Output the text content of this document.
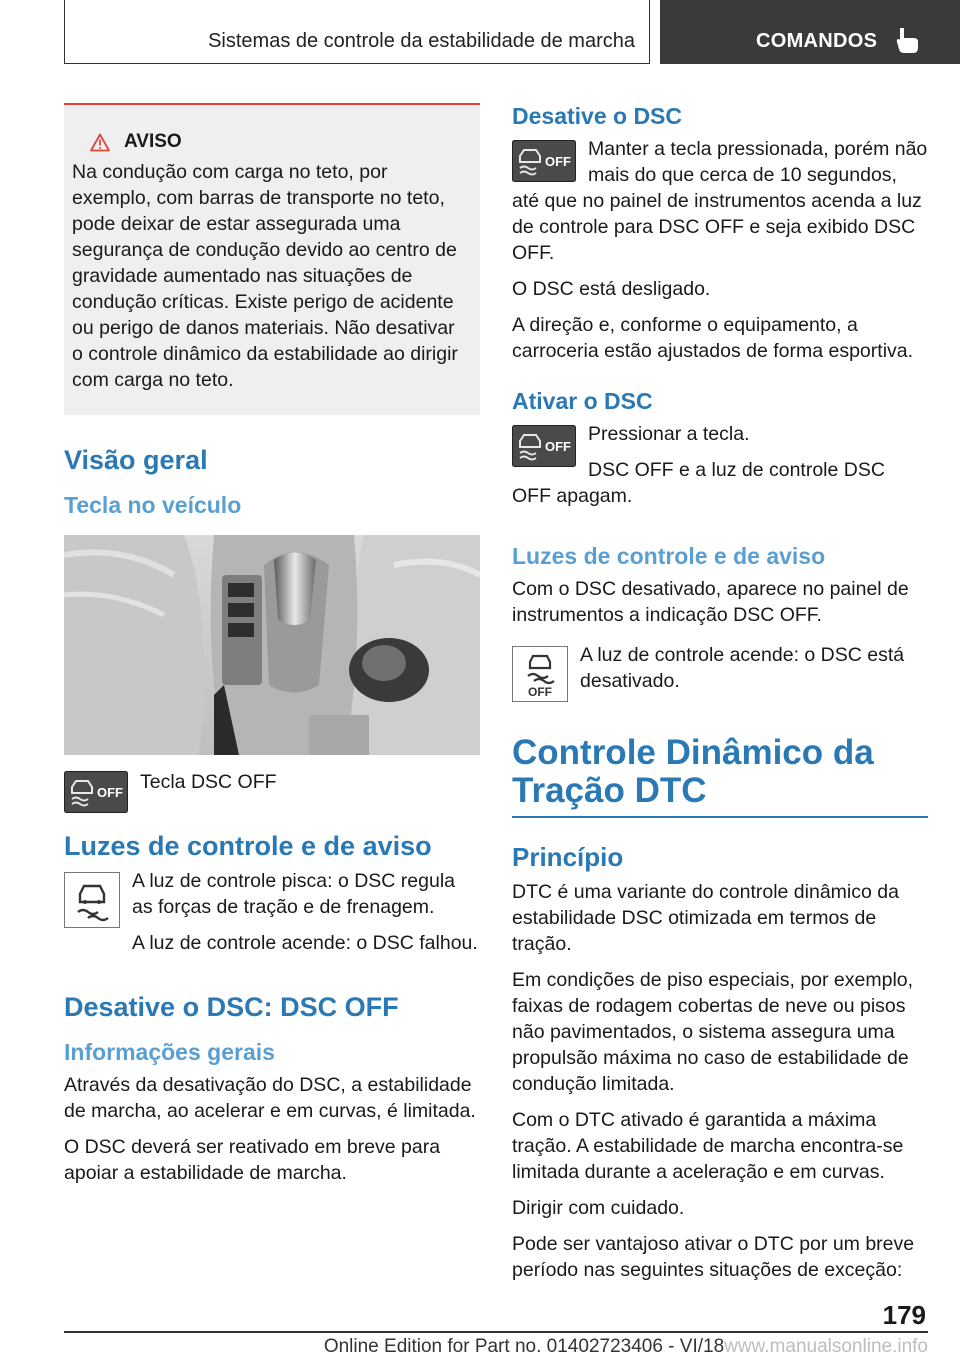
Sistemas de controle da estabilidade de marcha	COMANDOS
AVISO

Na condução com carga no teto, por exemplo, com barras de transporte no teto, pode deixar de estar assegurada uma segurança de condução devido ao centro de gravidade aumentado nas situações de condução críticas. Existe perigo de acidente ou perigo de danos materiais. Não desativar o controle dinâmico da estabilidade ao dirigir com carga no teto.

Visão geral
Tecla no veículo
OFF Tecla DSC OFF

Luzes de controle e de aviso

A luz de controle pisca: o DSC regula as forças de tração e de frenagem.

A luz de controle acende: o DSC falhou.

Desative o DSC: DSC OFF
Informações gerais

Através da desativação do DSC, a estabilidade de marcha, ao acelerar e em curvas, é limitada.

O DSC deverá ser reativado em breve para apoiar a estabilidade de marcha.

Desative o DSC
OFF

Manter a tecla pressionada, porém não mais do que cerca de 10 segundos, até que no painel de instrumentos acenda a luz de controle para DSC OFF e seja exibido DSC OFF.

O DSC está desligado.

A direção e, conforme o equipamento, a carroceria estão ajustados de forma esportiva.

Ativar o DSC
OFF

Pressionar a tecla.

DSC OFF e a luz de controle DSC OFF apagam.

Luzes de controle e de aviso

Com o DSC desativado, aparece no painel de instrumentos a indicação DSC OFF.

OFF

A luz de controle acende: o DSC está desativado.

Controle Dinâmico da Tração DTC
Princípio

DTC é uma variante do controle dinâmico da estabilidade DSC otimizada em termos de tração.

Em condições de piso especiais, por exemplo, faixas de rodagem cobertas de neve ou pisos não pavimentados, o sistema assegura uma propulsão máxima no caso de estabilidade de condução limitada.

Com o DTC ativado é garantida a máxima tração. A estabilidade de marcha encontra-se limitada durante a aceleração e em curvas.

Dirigir com cuidado.

Pode ser vantajoso ativar o DTC por um breve período nas seguintes situações de exceção:

179
Online Edition for Part no. 01402723406 - VI/18www.manualsonline.info
